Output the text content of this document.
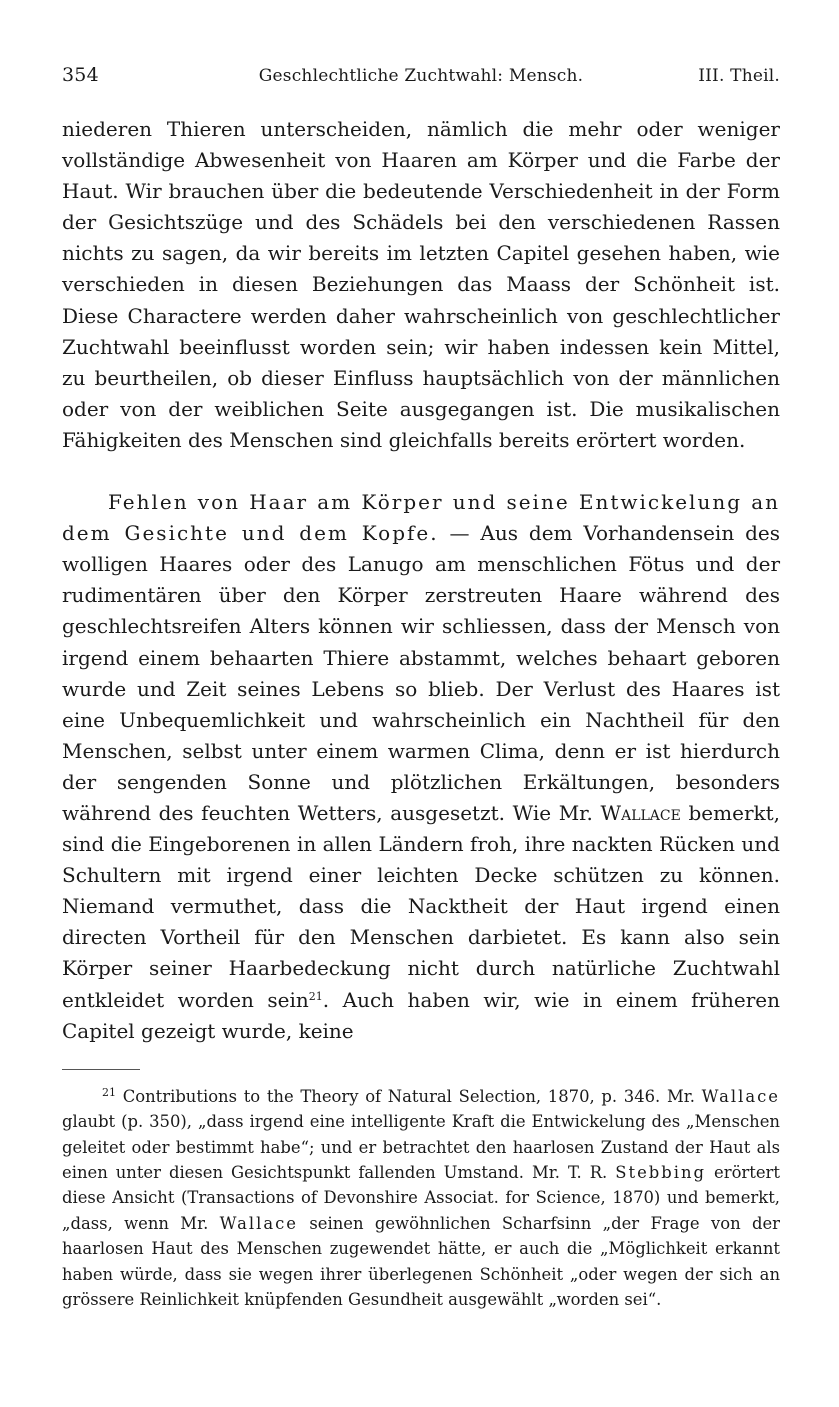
354	Geschlechtliche Zuchtwahl: Mensch.	III. Theil.

niederen Thieren unterscheiden, nämlich die mehr oder weniger vollständige Abwesenheit von Haaren am Körper und die Farbe der Haut. Wir brauchen über die bedeutende Verschiedenheit in der Form der Gesichtszüge und des Schädels bei den verschiedenen Rassen nichts zu sagen, da wir bereits im letzten Capitel gesehen haben, wie verschieden in diesen Beziehungen das Maass der Schönheit ist. Diese Charactere werden daher wahrscheinlich von geschlechtlicher Zuchtwahl beeinflusst worden sein; wir haben indessen kein Mittel, zu beurtheilen, ob dieser Einfluss hauptsächlich von der männlichen oder von der weiblichen Seite ausgegangen ist. Die musikalischen Fähigkeiten des Menschen sind gleichfalls bereits erörtert worden.

Fehlen von Haar am Körper und seine Entwickelung an dem Gesichte und dem Kopfe. — Aus dem Vorhandensein des wolligen Haares oder des Lanugo am menschlichen Fötus und der rudimentären über den Körper zerstreuten Haare während des geschlechtsreifen Alters können wir schliessen, dass der Mensch von irgend einem behaarten Thiere abstammt, welches behaart geboren wurde und Zeit seines Lebens so blieb. Der Verlust des Haares ist eine Unbequemlichkeit und wahrscheinlich ein Nachtheil für den Menschen, selbst unter einem warmen Clima, denn er ist hierdurch der sengenden Sonne und plötzlichen Erkältungen, besonders während des feuchten Wetters, ausgesetzt. Wie Mr. Wallace bemerkt, sind die Eingeborenen in allen Ländern froh, ihre nackten Rücken und Schultern mit irgend einer leichten Decke schützen zu können. Niemand vermuthet, dass die Nacktheit der Haut irgend einen directen Vortheil für den Menschen darbietet. Es kann also sein Körper seiner Haarbedeckung nicht durch natürliche Zuchtwahl entkleidet worden sein$^{21}$. Auch haben wir, wie in einem früheren Capitel gezeigt wurde, keine

$^{21}$ Contributions to the Theory of Natural Selection, 1870, p. 346. Mr. Wallace glaubt (p. 350), „dass irgend eine intelligente Kraft die Entwickelung des „Menschen geleitet oder bestimmt habe“; und er betrachtet den haarlosen Zustand der Haut als einen unter diesen Gesichtspunkt fallenden Umstand. Mr. T. R. Stebbing erörtert diese Ansicht (Transactions of Devonshire Associat. for Science, 1870) und bemerkt, „dass, wenn Mr. Wallace seinen gewöhnlichen Scharfsinn „der Frage von der haarlosen Haut des Menschen zugewendet hätte, er auch die „Möglichkeit erkannt haben würde, dass sie wegen ihrer überlegenen Schönheit „oder wegen der sich an grössere Reinlichkeit knüpfenden Gesundheit ausgewählt „worden sei“.
